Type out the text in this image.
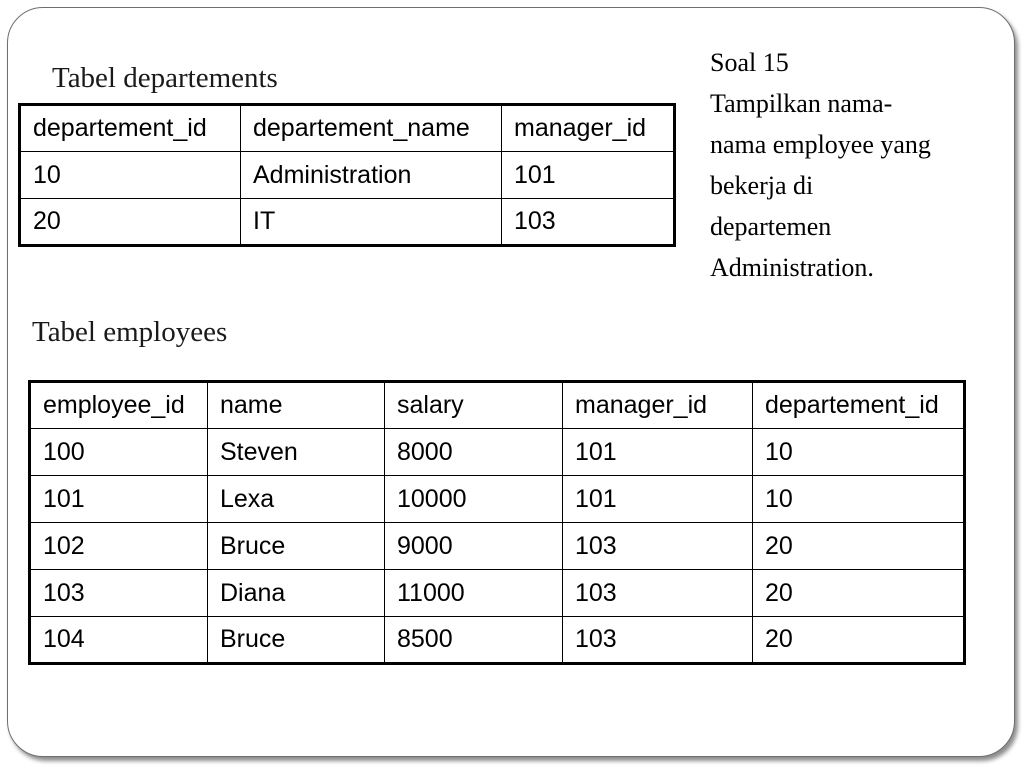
Tabel departements
departement_id	departement_name	manager_id
10	Administration	101
20	IT	103
Soal 15
Tampilkan nama-
nama employee yang
bekerja di
departemen
Administration.
Tabel employees
employee_id	name	salary	manager_id	departement_id
100	Steven	8000	101	10
101	Lexa	10000	101	10
102	Bruce	9000	103	20
103	Diana	11000	103	20
104	Bruce	8500	103	20
